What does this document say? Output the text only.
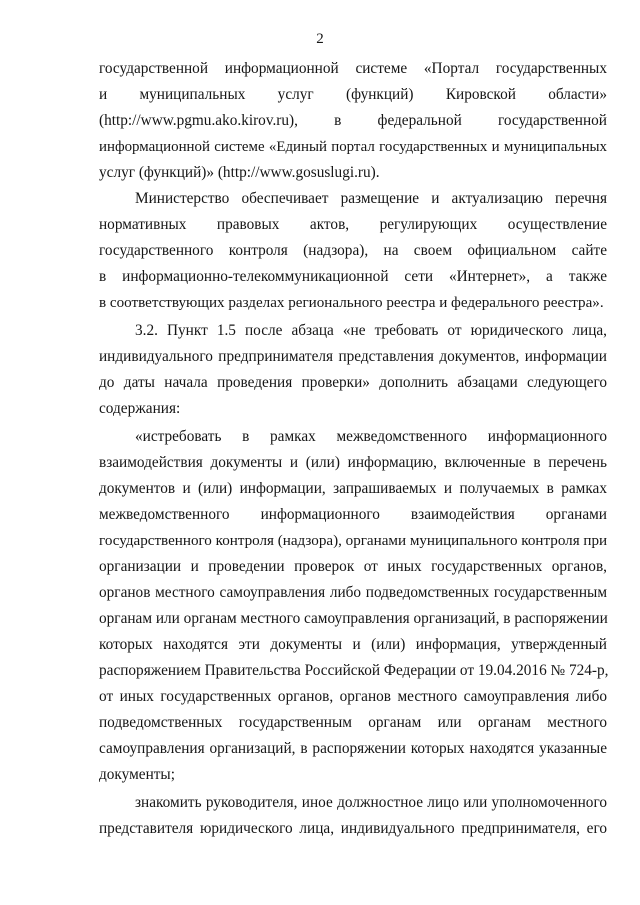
2
государственной информационной системе «Портал государственных
и муниципальных услуг (функций) Кировской области»
(http://www.pgmu.ako.kirov.ru), в федеральной государственной
информационной системе «Единый портал государственных и муниципальных
услуг (функций)» (http://www.gosuslugi.ru).
Министерство обеспечивает размещение и актуализацию перечня
нормативных правовых актов, регулирующих осуществление
государственного контроля (надзора), на своем официальном сайте
в информационно-телекоммуникационной сети «Интернет», а также
в соответствующих разделах регионального реестра и федерального реестра».
3.2. Пункт 1.5 после абзаца «не требовать от юридического лица,
индивидуального предпринимателя представления документов, информации
до даты начала проведения проверки» дополнить абзацами следующего
содержания:
«истребовать в рамках межведомственного информационного
взаимодействия документы и (или) информацию, включенные в перечень
документов и (или) информации, запрашиваемых и получаемых в рамках
межведомственного информационного взаимодействия органами
государственного контроля (надзора), органами муниципального контроля при
организации и проведении проверок от иных государственных органов,
органов местного самоуправления либо подведомственных государственным
органам или органам местного самоуправления организаций, в распоряжении
которых находятся эти документы и (или) информация, утвержденный
распоряжением Правительства Российской Федерации от 19.04.2016 № 724-р,
от иных государственных органов, органов местного самоуправления либо
подведомственных государственным органам или органам местного
самоуправления организаций, в распоряжении которых находятся указанные
документы;
знакомить руководителя, иное должностное лицо или уполномоченного
представителя юридического лица, индивидуального предпринимателя, его
